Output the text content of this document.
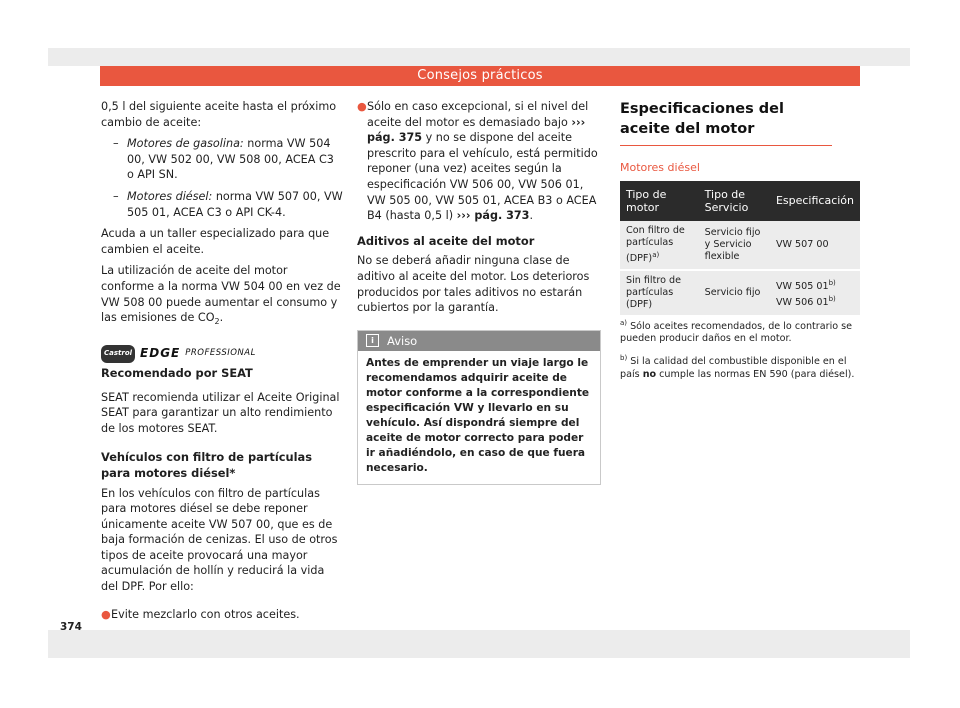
Consejos prácticos

0,5 l del siguiente aceite hasta el próximo cambio de aceite:

– Motores de gasolina: norma VW 504 00, VW 502 00, VW 508 00, ACEA C3 o API SN.
– Motores diésel: norma VW 507 00, VW 505 01, ACEA C3 o API CK-4.

Acuda a un taller especializado para que cambien el aceite.

La utilización de aceite del motor conforme a la norma VW 504 00 en vez de VW 508 00 puede aumentar el consumo y las emisiones de $CO_2$.

Castrol EDGE PROFESSIONAL
Recomendado por SEAT

SEAT recomienda utilizar el Aceite Original SEAT para garantizar un alto rendimiento de los motores SEAT.

Vehículos con filtro de partículas para motores diésel*

En los vehículos con filtro de partículas para motores diésel se debe reponer únicamente aceite VW 507 00, que es de baja formación de cenizas. El uso de otros tipos de aceite provocará una mayor acumulación de hollín y reducirá la vida del DPF. Por ello:

● Evite mezclarlo con otros aceites.
● Sólo en caso excepcional, si el nivel del aceite del motor es demasiado bajo ››› pág. 375 y no se dispone del aceite prescrito para el vehículo, está permitido reponer (una vez) aceites según la especificación VW 506 00, VW 506 01, VW 505 00, VW 505 01, ACEA B3 o ACEA B4 (hasta 0,5 l) ››› pág. 373.
Aditivos al aceite del motor

No se deberá añadir ninguna clase de aditivo al aceite del motor. Los deterioros producidos por tales aditivos no estarán cubiertos por la garantía.

i	Aviso
Antes de emprender un viaje largo le recomendamos adquirir aceite de motor conforme a la correspondiente especificación VW y llevarlo en su vehículo. Así dispondrá siempre del aceite de motor correcto para poder ir añadiéndolo, en caso de que fuera necesario.
Especificaciones del aceite del motor
Motores diésel
Tipo de motor	Tipo de Servicio	Especificación
Con filtro de partículas (DPF)$^{a)}$	Servicio fijo y Servicio flexible	VW 507 00
Sin filtro de partículas (DPF)	Servicio fijo	VW 505 01$^{b)}$
VW 506 01$^{b)}$

$^{a)}$ Sólo aceites recomendados, de lo contrario se pueden producir daños en el motor.

$^{b)}$ Si la calidad del combustible disponible en el país no cumple las normas EN 590 (para diésel).

374
